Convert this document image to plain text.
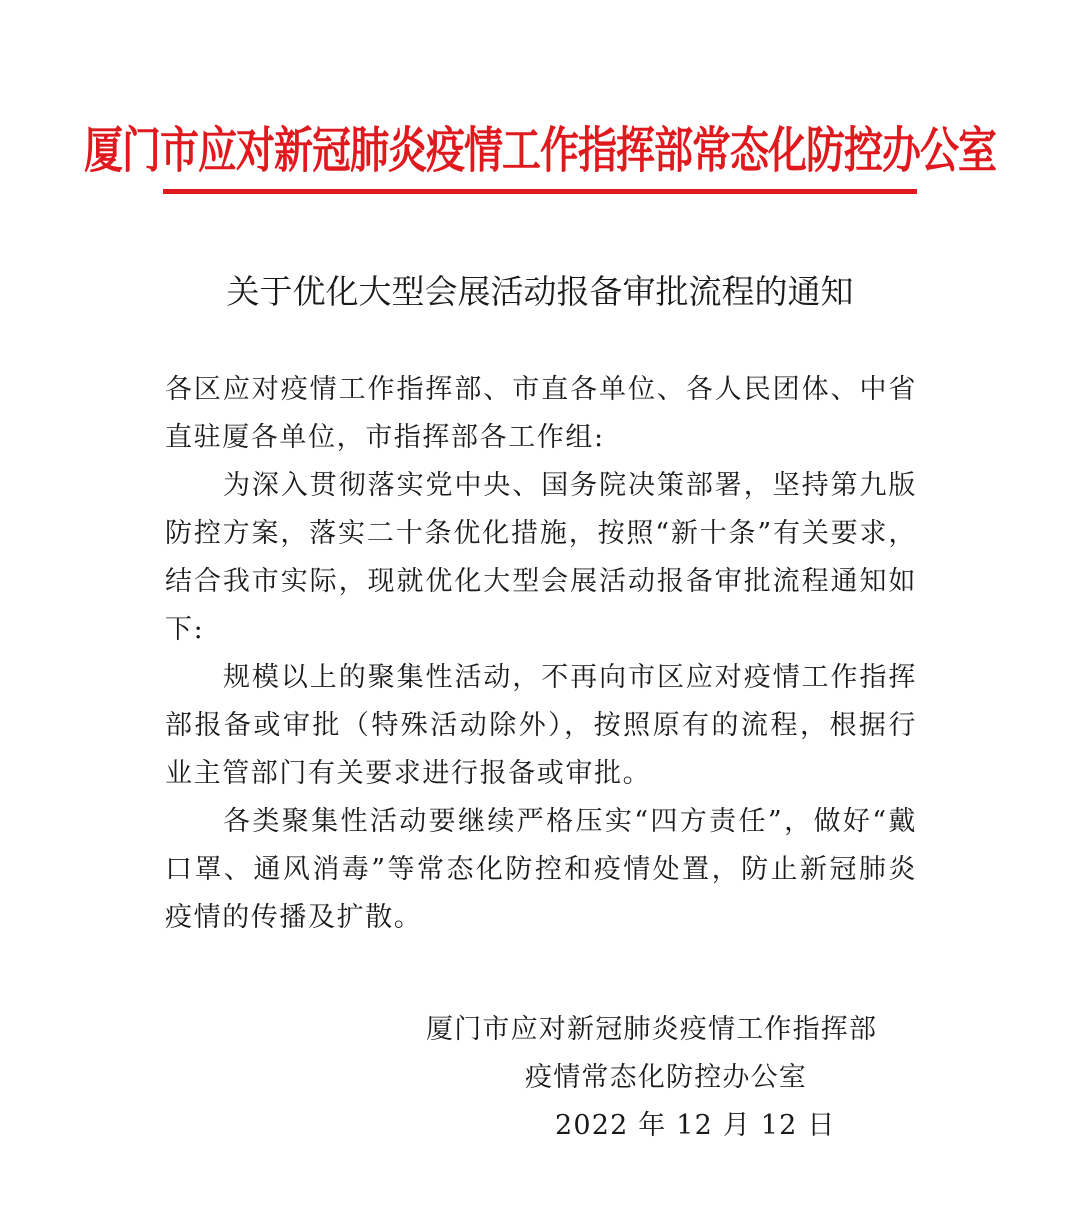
厦门市应对新冠肺炎疫情工作指挥部常态化防控办公室
关于优化大型会展活动报备审批流程的通知

各区应对疫情工作指挥部、市直各单位、各人民团体、中省直驻厦各单位，市指挥部各工作组:

为深入贯彻落实党中央、国务院决策部署，坚持第九版防控方案，落实二十条优化措施，按照“新十条”有关要求，结合我市实际，现就优化大型会展活动报备审批流程通知如下:

规模以上的聚集性活动，不再向市区应对疫情工作指挥部报备或审批（特殊活动除外），按照原有的流程，根据行业主管部门有关要求进行报备或审批。

各类聚集性活动要继续严格压实“四方责任”，做好“戴口罩、通风消毒”等常态化防控和疫情处置，防止新冠肺炎疫情的传播及扩散。

厦门市应对新冠肺炎疫情工作指挥部
疫情常态化防控办公室
2022 年 12 月 12 日
